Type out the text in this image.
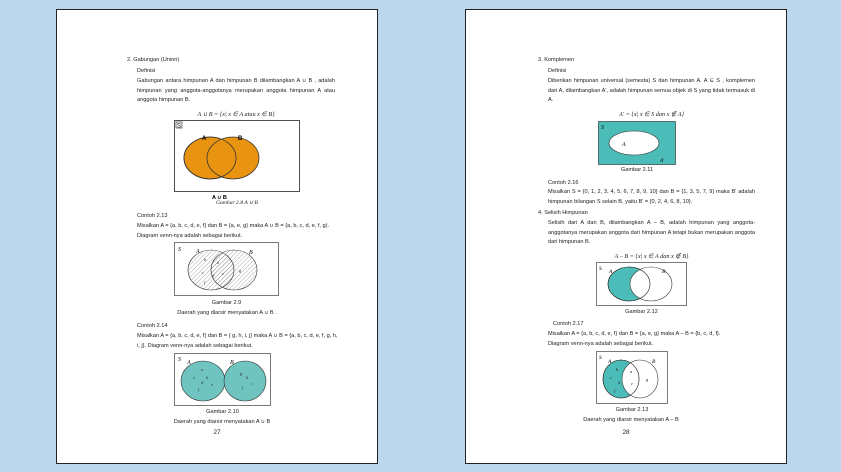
2. Gabungan (Union)
Definisi
Gabungan antara himpunan A dan himpunan B dilambangkan A ∪ B , adalah himpunan yang anggota-anggotanya merupakan anggota himpunan A atau anggota himpunan B.
A ∪ B = {x| x ∈ A atau x ∈ B}
S
A	B
A ∪ B
Gambar 2.8 A ∪ B
Contoh 2.13
Misalkan A = {a, b, c, d, e, f} dan B = {a, e, g} maka A ∪ B = {a, b, c, d, e, f, g).
Diagram venn-nya adalah sebagai berikut.
S	A	B
b
a
c
d e
f
g
Gambar 2.9
Daerah yang diarsir menyatakan A ∪ B .
Contoh 2.14
Misalkan A = {a, b, c, d, e, f} dan B = { g, h, i, j} maka A ∪ B = {a, b, c, d, e, f, g, h,
i, j}. Diagram venn-nya adalah sebagai berikut.
S A	B
a
b
c
d e
f
g
h
i
j
Gambar 2.10
Daerah yang diarsir menyatakan A ∪ B
27
3. Komplemen
Definisi
Diberikan himpunan universal (semesta) S dan himpunan A. A ⊆ S , komplemen dari A, dilambangkan A', adalah himpunan semua objek di S yang tidak termasuk di A.
A' = {x| x ∈ S dan x ∉ A}
S
A
A'
Gambar 2.11
Contoh 2.16
Misalkan S = {0, 1, 2, 3, 4, 5, 6, 7, 8, 9, 10} dan B = {1, 3, 5, 7, 9} maka B' adalah himpunan bilangan S selain B, yaitu B' = {0, 2, 4, 6, 8, 10}.
4. Selisih Himpunan
Selisih dari A dan B, dilambangkan A – B, adalah himpunan yang anggota-anggotanya merupakan anggota dari himpunan A tetapi bukan merupakan anggota dari himpunan B.
A – B = {x| x ∈ A dan x ∉ B}
S A	B
Gambar 2.12
Contoh 2.17
Misalkan A = {a, b, c, d, e, f} dan B = {a, e, g} maka A – B = {b, c, d, f}.
Diagram venn-nya adalah sebagai berikut.
S
A	B
b
c
d
f
a
e
g
Gambar 2.13
Daerah yang diarsir menyatakan A – B
28
